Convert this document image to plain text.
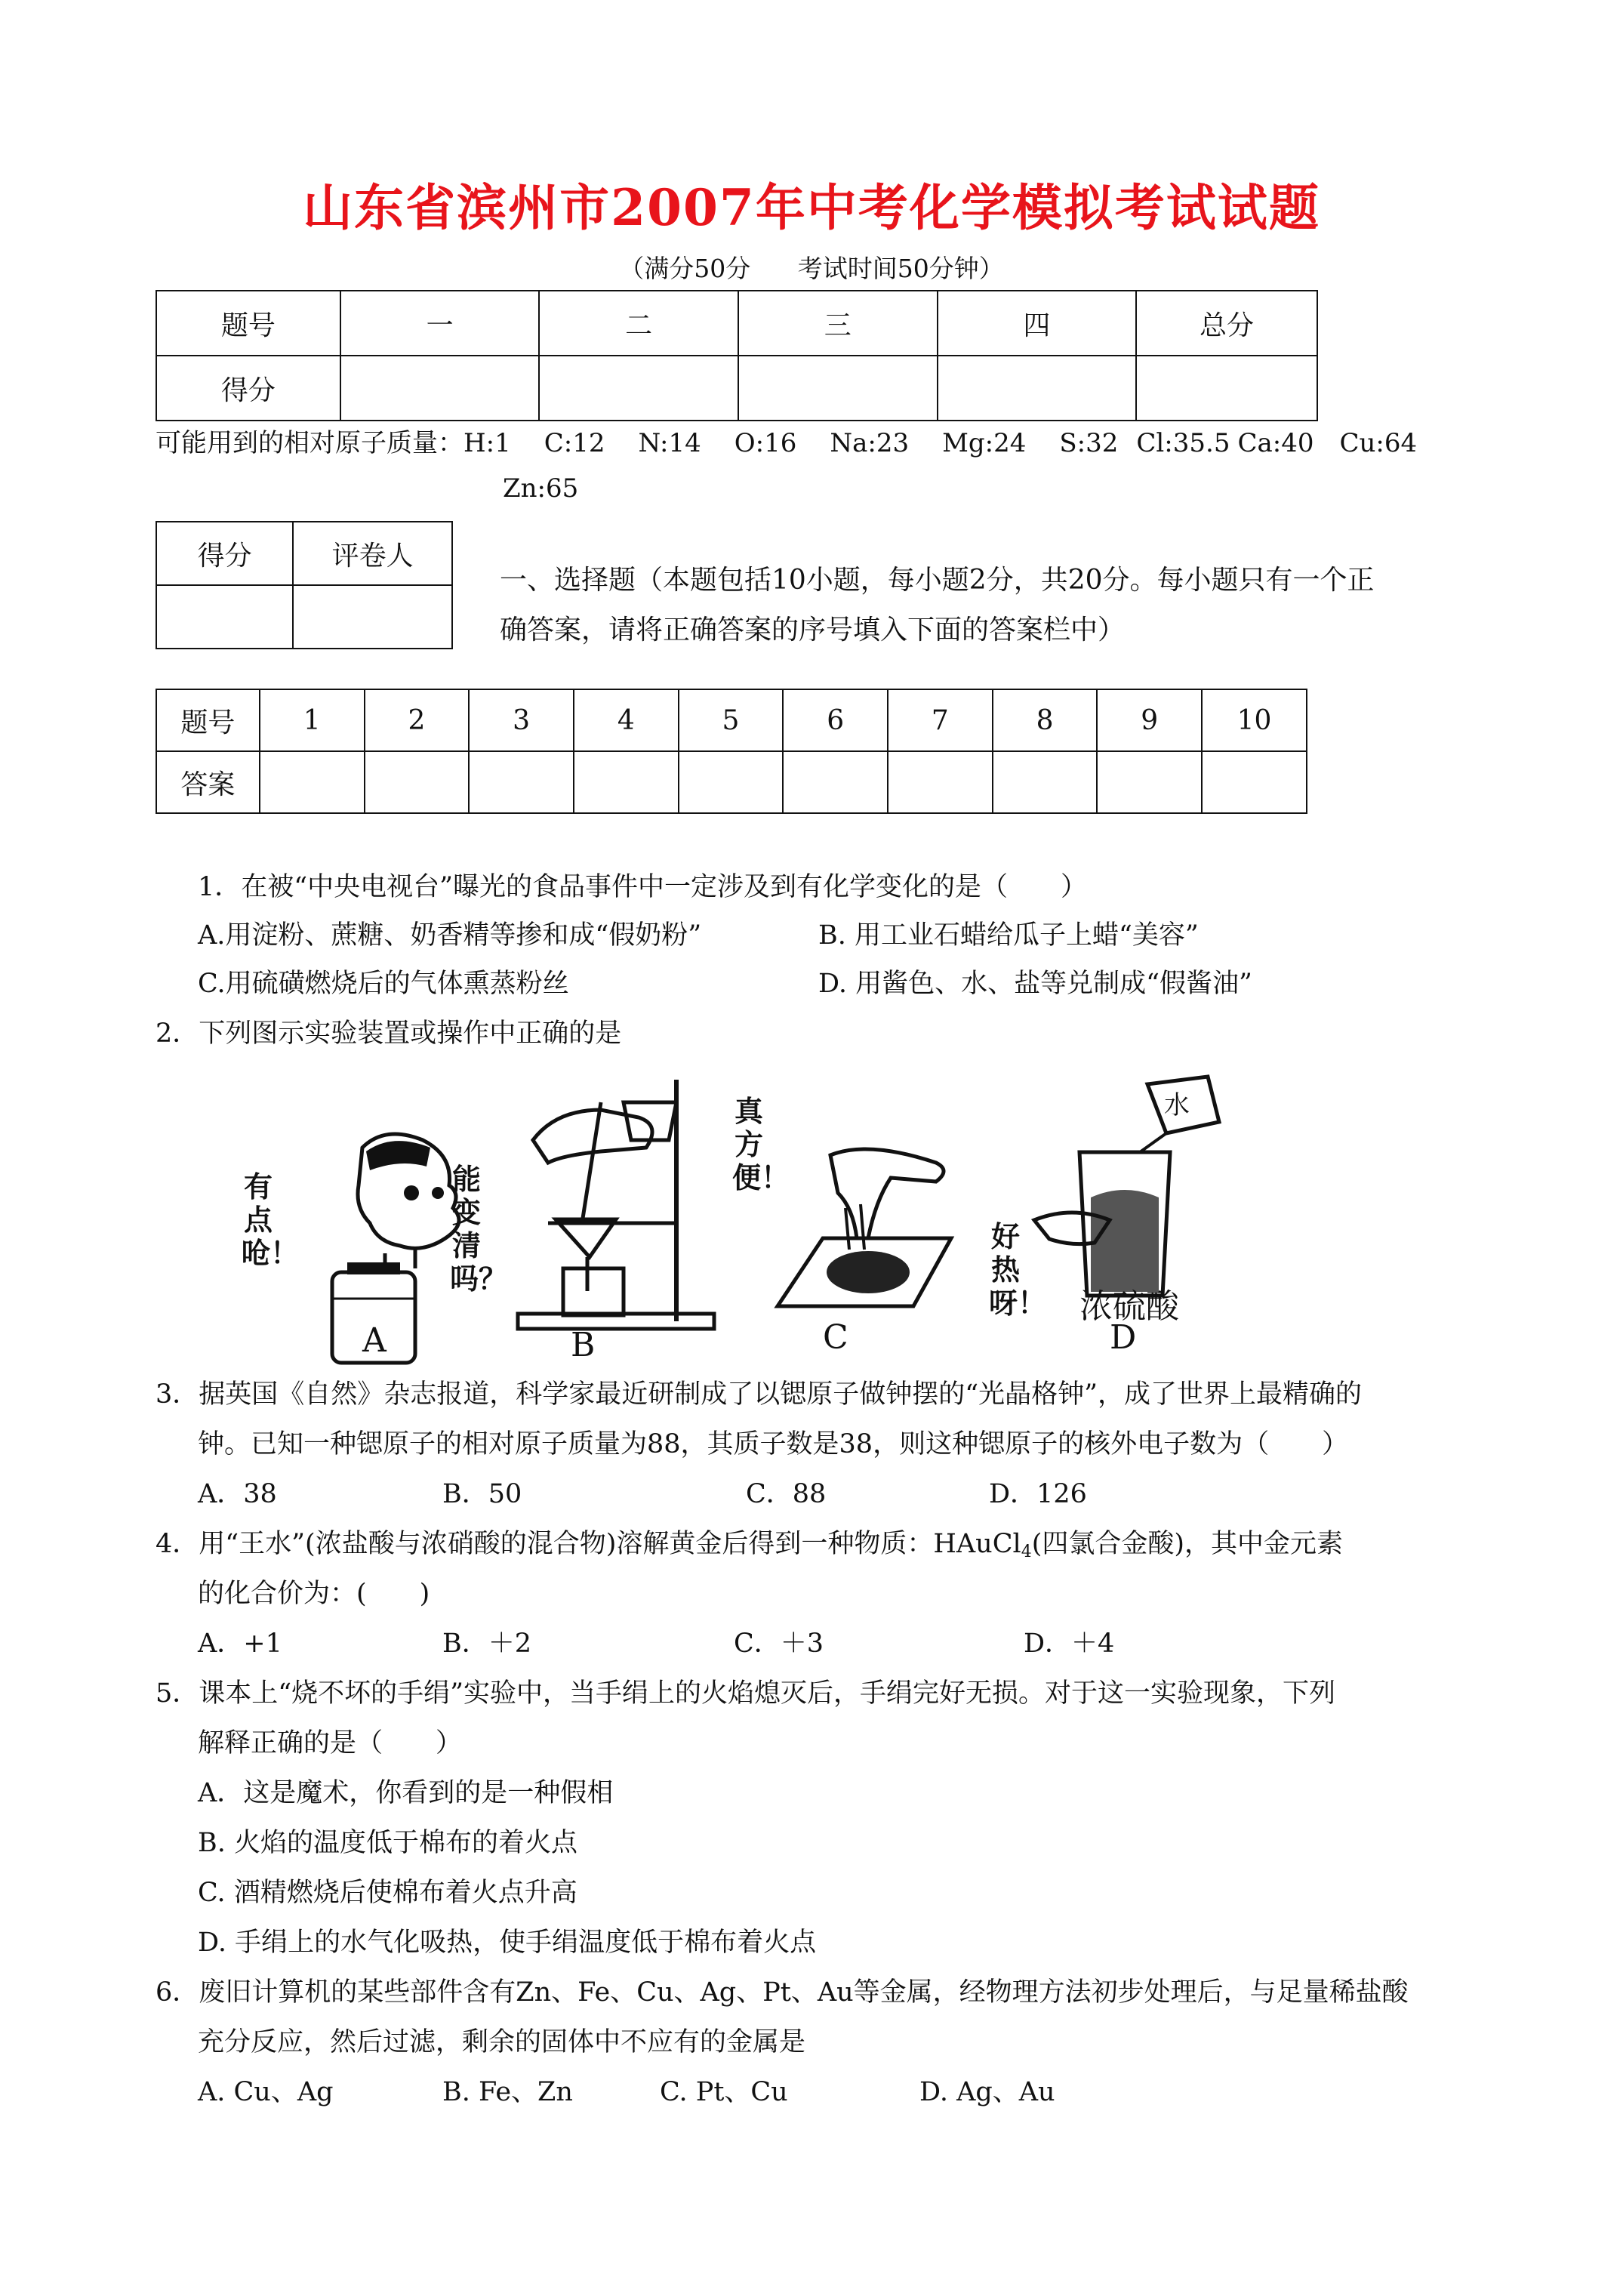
山东省滨州市2007年中考化学模拟考试试题
（满分50分 考试时间50分钟）
题号	一	二	三	四	总分
得分					
可能用到的相对原子质量：H:1 C:12 N:14 O:16 Na:23 Mg:24 S:32 Cl:35.5 Ca:40 Cu:64
Zn:65
得分	评卷人

一、选择题（本题包括10小题，每小题2分，共20分。每小题只有一个正
确答案，请将正确答案的序号填入下面的答案栏中）
题号	1	2	3	4	5	6	7	8	9	10
答案										
1．在被“中央电视台”曝光的食品事件中一定涉及到有化学变化的是（　　）
A.用淀粉、蔗糖、奶香精等掺和成“假奶粉”	B. 用工业石蜡给瓜子上蜡“美容”
C.用硫磺燃烧后的气体熏蒸粉丝	D. 用酱色、水、盐等兑制成“假酱油”
2．下列图示实验装置或操作中正确的是
有点呛！
A
能变清吗？
B
真方便！
C
好热呀！
水
浓硫酸
D
3．据英国《自然》杂志报道，科学家最近研制成了以锶原子做钟摆的“光晶格钟”，成了世界上最精确的
钟。已知一种锶原子的相对原子质量为88，其质子数是38，则这种锶原子的核外电子数为（　　）
A．38	B．50	C．88	D．126
4．用“王水”(浓盐酸与浓硝酸的混合物)溶解黄金后得到一种物质：HAuCl$_4$(四氯合金酸)，其中金元素
的化合价为：(　　)
A．+1	B．＋2	C．＋3	D．＋4
5．课本上“烧不坏的手绢”实验中，当手绢上的火焰熄灭后，手绢完好无损。对于这一实验现象，下列
解释正确的是（　　）
A．这是魔术，你看到的是一种假相
B. 火焰的温度低于棉布的着火点
C. 酒精燃烧后使棉布着火点升高
D. 手绢上的水气化吸热，使手绢温度低于棉布着火点
6．废旧计算机的某些部件含有Zn、Fe、Cu、Ag、Pt、Au等金属，经物理方法初步处理后，与足量稀盐酸
充分反应，然后过滤，剩余的固体中不应有的金属是
A. Cu、Ag	B. Fe、Zn	C. Pt、Cu	D. Ag、Au
